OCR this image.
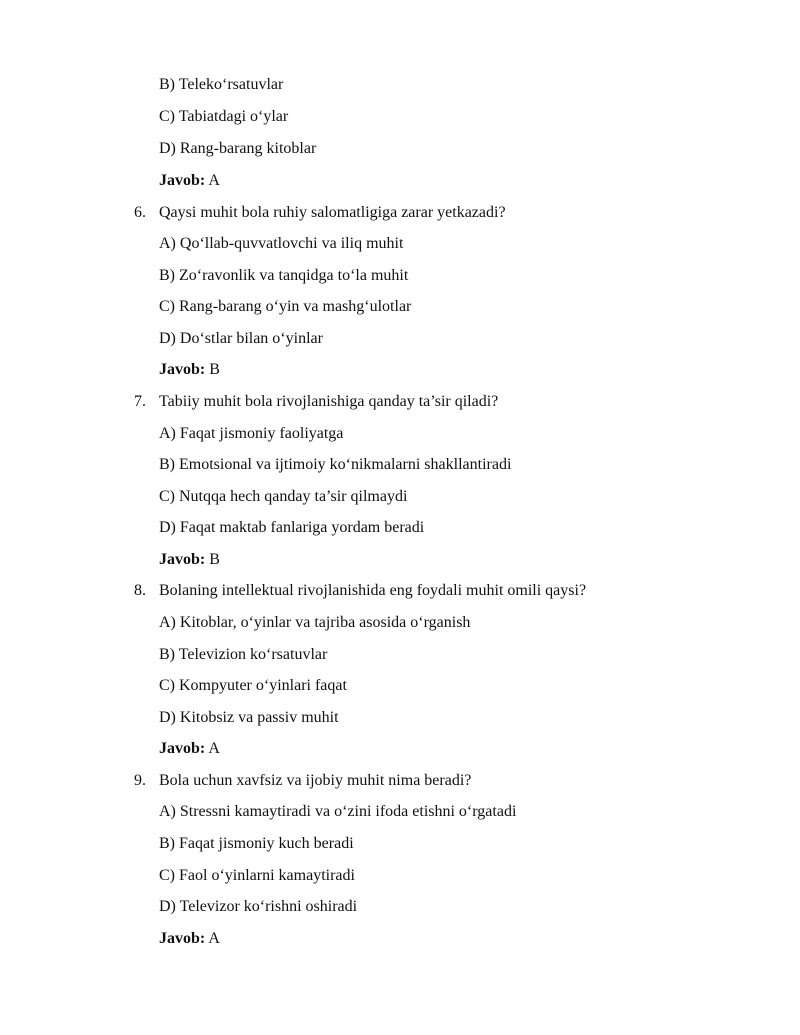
B) Teleko‘rsatuvlar
C) Tabiatdagi o‘ylar
D) Rang-barang kitoblar
Javob: A
6. Qaysi muhit bola ruhiy salomatligiga zarar yetkazadi?
A) Qo‘llab-quvvatlovchi va iliq muhit
B) Zo‘ravonlik va tanqidga to‘la muhit
C) Rang-barang o‘yin va mashg‘ulotlar
D) Do‘stlar bilan o‘yinlar
Javob: B
7. Tabiiy muhit bola rivojlanishiga qanday ta’sir qiladi?
A) Faqat jismoniy faoliyatga
B) Emotsional va ijtimoiy ko‘nikmalarni shakllantiradi
C) Nutqqa hech qanday ta’sir qilmaydi
D) Faqat maktab fanlariga yordam beradi
Javob: B
8. Bolaning intellektual rivojlanishida eng foydali muhit omili qaysi?
A) Kitoblar, o‘yinlar va tajriba asosida o‘rganish
B) Televizion ko‘rsatuvlar
C) Kompyuter o‘yinlari faqat
D) Kitobsiz va passiv muhit
Javob: A
9. Bola uchun xavfsiz va ijobiy muhit nima beradi?
A) Stressni kamaytiradi va o‘zini ifoda etishni o‘rgatadi
B) Faqat jismoniy kuch beradi
C) Faol o‘yinlarni kamaytiradi
D) Televizor ko‘rishni oshiradi
Javob: A
